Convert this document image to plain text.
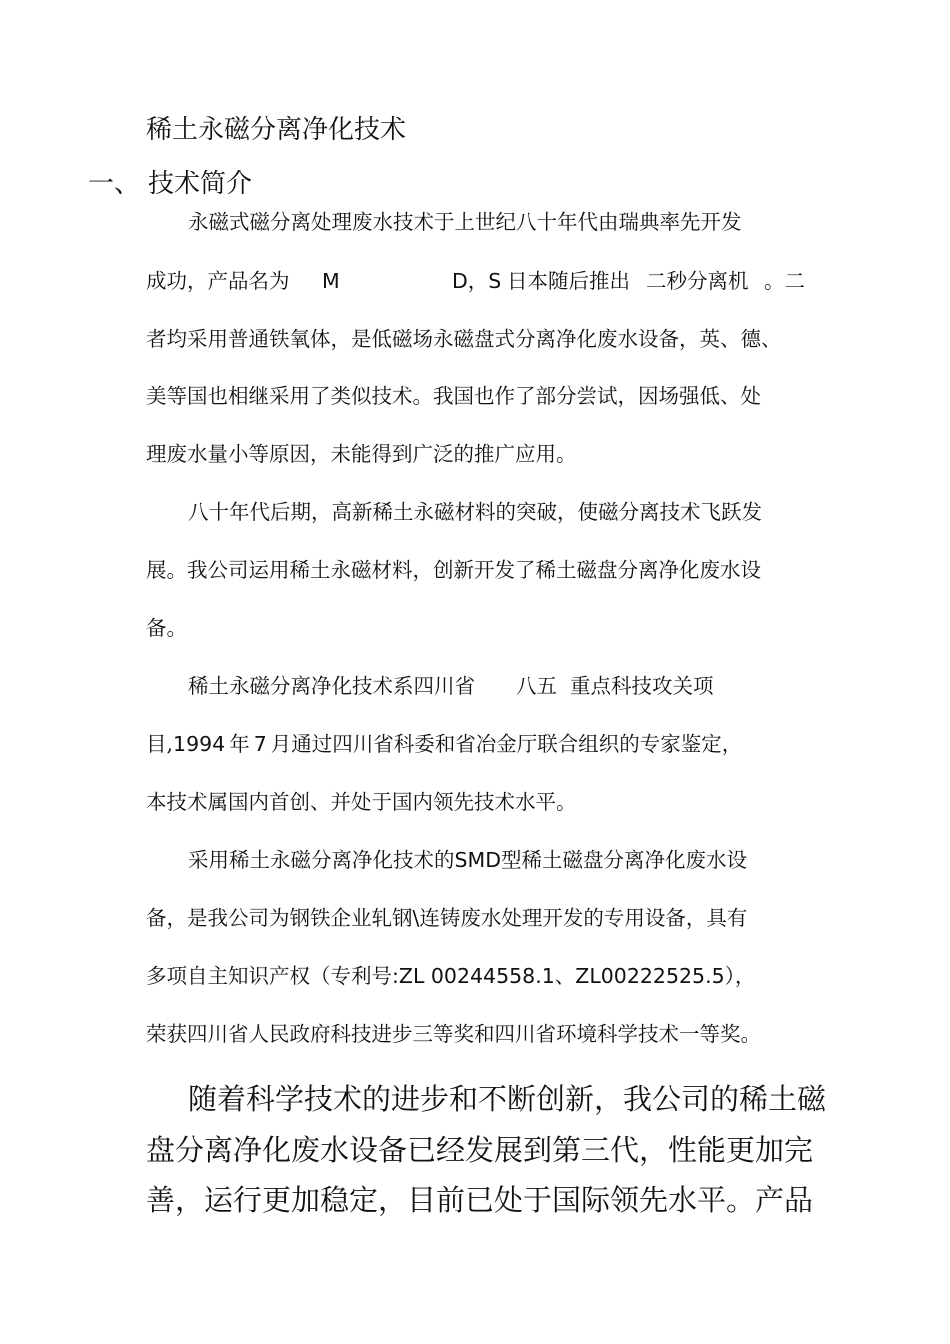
稀土永磁分离净化技术
一、 技术简介
永磁式磁分离处理废水技术于上世纪八十年代由瑞典率先开发
成功，产品名为 M	D，S 日本随后推出 二秒分离机 。二
者均采用普通铁氧体，是低磁场永磁盘式分离净化废水设备，英、德、
美等国也相继采用了类似技术。我国也作了部分尝试，因场强低、处
理废水量小等原因，未能得到广泛的推广应用。
八十年代后期，高新稀土永磁材料的突破，使磁分离技术飞跃发
展。我公司运用稀土永磁材料，创新开发了稀土磁盘分离净化废水设
备。
稀土永磁分离净化技术系四川省 八五 重点科技攻关项
目,1994 年 7 月通过四川省科委和省冶金厅联合组织的专家鉴定，
本技术属国内首创、并处于国内领先技术水平。
采用稀土永磁分离净化技术的SMD型稀土磁盘分离净化废水设
备，是我公司为钢铁企业轧钢\连铸废水处理开发的专用设备，具有
多项自主知识产权（专利号:ZL 00244558.1、ZL00222525.5），
荣获四川省人民政府科技进步三等奖和四川省环境科学技术一等奖。
随着科学技术的进步和不断创新，我公司的稀土磁
盘分离净化废水设备已经发展到第三代，性能更加完
善，运行更加稳定，目前已处于国际领先水平。产品
